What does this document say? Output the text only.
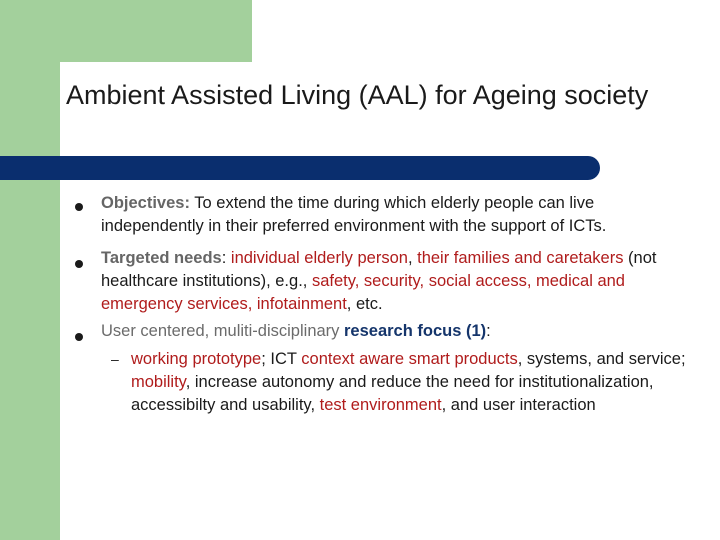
Ambient Assisted Living (AAL) for Ageing society
Objectives: To extend the time during which elderly people can live independently in their preferred environment with the support of ICTs.
Targeted needs: individual elderly person, their families and caretakers (not healthcare institutions), e.g., safety, security, social access, medical and emergency services, infotainment, etc.
User centered, muliti-disciplinary research focus (1):
– working prototype; ICT context aware smart products, systems, and service; mobility, increase autonomy and reduce the need for institutionalization, accessibilty and usability, test environment, and user interaction
